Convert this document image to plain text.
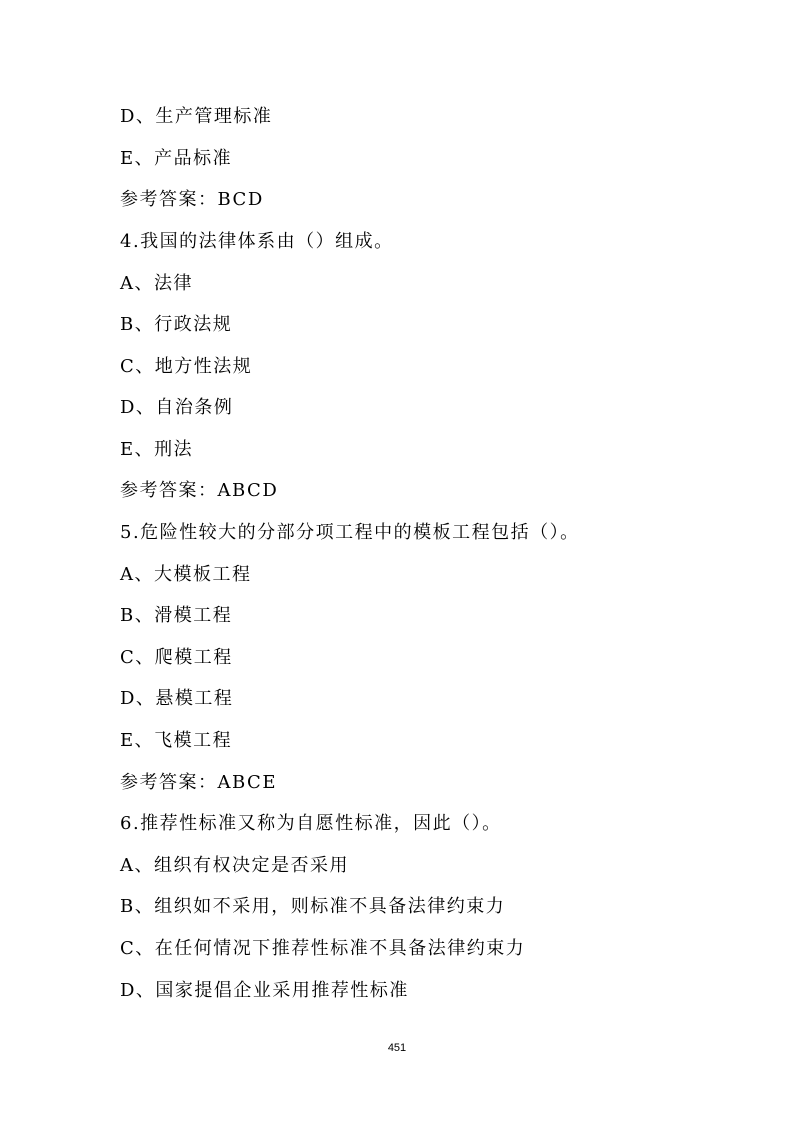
D、生产管理标准
E、产品标准
参考答案：BCD
4.我国的法律体系由（）组成。
A、法律
B、行政法规
C、地方性法规
D、自治条例
E、刑法
参考答案：ABCD
5.危险性较大的分部分项工程中的模板工程包括（）。
A、大模板工程
B、滑模工程
C、爬模工程
D、悬模工程
E、飞模工程
参考答案：ABCE
6.推荐性标准又称为自愿性标准，因此（）。
A、组织有权决定是否采用
B、组织如不采用，则标准不具备法律约束力
C、在任何情况下推荐性标准不具备法律约束力
D、国家提倡企业采用推荐性标准
451
